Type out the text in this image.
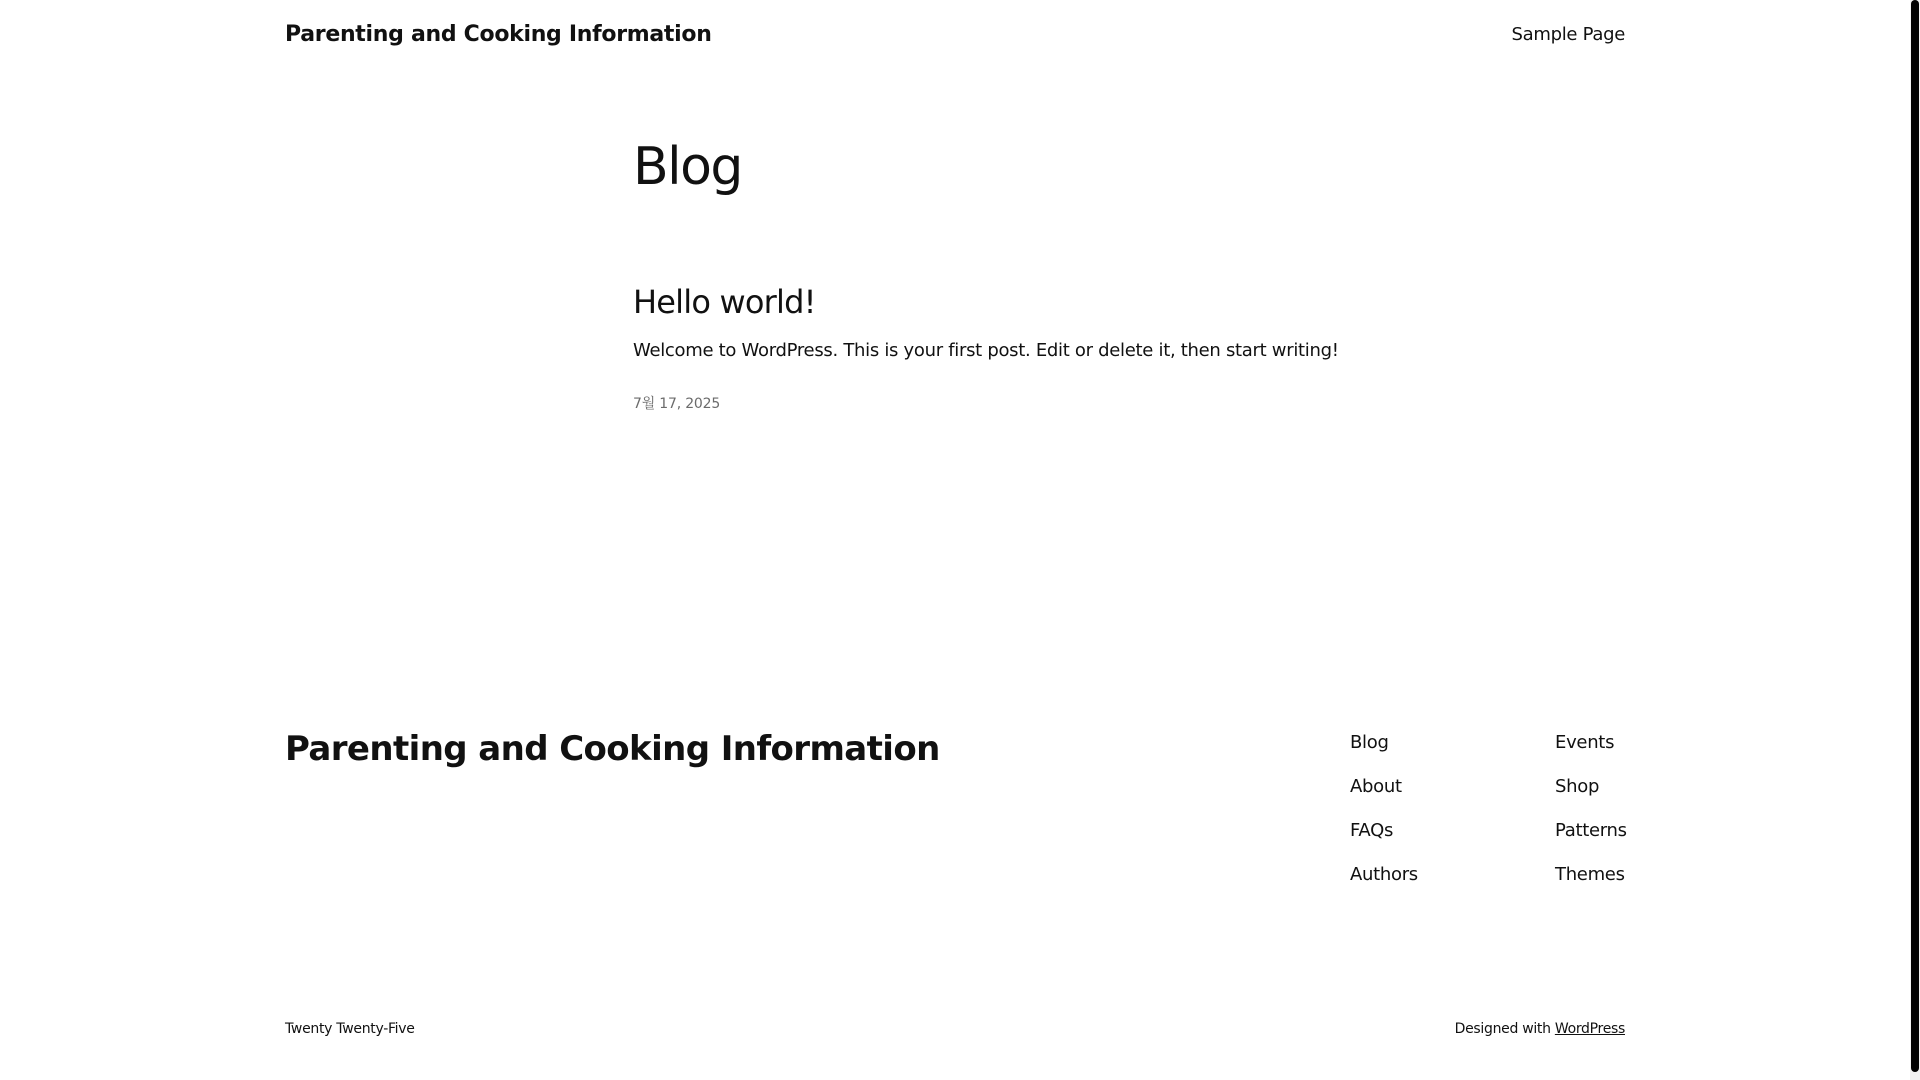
Parenting and Cooking Information	Sample Page
Blog
Hello world!

Welcome to WordPress. This is your first post. Edit or delete it, then start writing!

7월 17, 2025
Parenting and Cooking Information	Blog
About
FAQs
Authors
Events
Shop
Patterns
Themes
Twenty Twenty-Five	Designed with WordPress
